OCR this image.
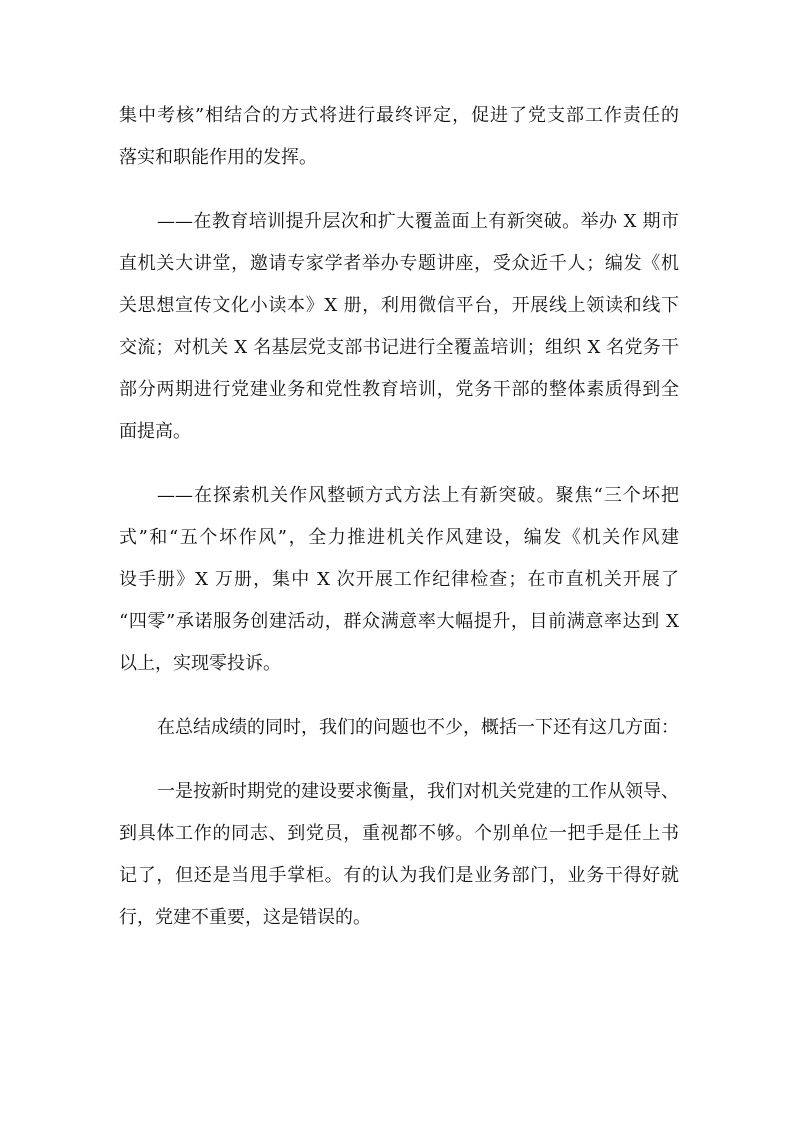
集中考核”相结合的方式将进行最终评定，促进了党支部工作责任的

落实和职能作用的发挥。

——在教育培训提升层次和扩大覆盖面上有新突破。举办 X 期市

直机关大讲堂，邀请专家学者举办专题讲座，受众近千人；编发《机

关思想宣传文化小读本》X 册，利用微信平台，开展线上领读和线下

交流；对机关 X 名基层党支部书记进行全覆盖培训；组织 X 名党务干

部分两期进行党建业务和党性教育培训，党务干部的整体素质得到全

面提高。

——在探索机关作风整顿方式方法上有新突破。聚焦“三个坏把

式”和“五个坏作风”，全力推进机关作风建设，编发《机关作风建

设手册》X 万册，集中 X 次开展工作纪律检查；在市直机关开展了

“四零”承诺服务创建活动，群众满意率大幅提升，目前满意率达到 X

以上，实现零投诉。

在总结成绩的同时，我们的问题也不少，概括一下还有这几方面：

一是按新时期党的建设要求衡量，我们对机关党建的工作从领导、

到具体工作的同志、到党员，重视都不够。个别单位一把手是任上书

记了，但还是当甩手掌柜。有的认为我们是业务部门，业务干得好就

行，党建不重要，这是错误的。
